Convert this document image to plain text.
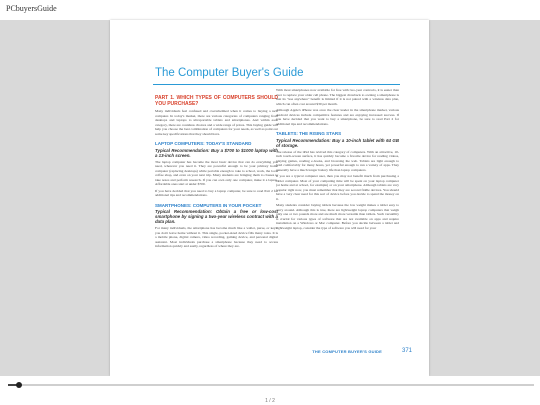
PCbuyersGuide
The Computer Buyer's Guide
PART 1. WHICH TYPES OF COMPUTERS SHOULD YOU PURCHASE?

Many individuals feel confused and overwhelmed when it comes to buying a new computer. In today's market, there are various categories of computers ranging from desktops and laptops to ultraportable tablets and smartphones. And within each category, there are countless choices and a wide range of prices. This buying guide will help you choose the best combination of computers for your needs, as well as point out some key specifications that they should have.

LAPTOP COMPUTERS: TODAY'S STANDARD
Typical Recommendation: Buy a $700 to $1000 laptop with a 13-inch screen.

The laptop computer has become the most basic device that can do everything you need, wherever you need it. They are powerful enough to be your primary home computer (replacing desktops) while portable enough to take to school, work, the local coffee shop, and even on your next trip. Many students are bringing them to classes to take notes and perform research. If you can own only one computer, make it a laptop. Affordable ones start at under $700.

If you have decided that you need to buy a laptop computer, be sure to read Part 2 for additional tips and recommendations.

SMARTPHONES: COMPUTERS IN YOUR POCKET
Typical Recommendation: Obtain a free or low-cost smartphone by signing a two-year wireless contract with a data plan.

For many individuals, the smartphone has become much like a wallet, purse, or keys: you don't leave home without it. This single, pocket-sized device fills many roles. It is a mobile phone, digital camera, video recording, gaming device, and personal digital assistant. Most individuals purchase a smartphone because they need to access information quickly and easily, regardless of where they are.

With most smartphones now available for free with two-year contracts, it is easier than ever to replace your older cell phone. The biggest drawback to owning a smartphone is that its "use anywhere" benefit is limited if it is not paired with a wireless data plan, which can often cost around $30 per month.

Although Apple's iPhone was once the clear leader in the smartphone market, various Android devices include competitive features and are enjoying increased success. If you have decided that you want to buy a smartphone, be sure to read Part 2 for additional tips and recommendations.

TABLETS: THE RISING STARS
Typical Recommendation: Buy a 10-inch tablet with 64 GB of storage.

The release of the iPad has revived this category of computers. With an attractive, 10-inch touch-screen surface, it has quickly become a favorite device for reading videos, playing games, reading e-books, and browsing the web. Tablets are light enough to hold comfortably for many hours, yet powerful enough to run a variety of apps. They generally have a much longer battery life than laptop computers.

If you are a typical computer user, then you may not benefit much from purchasing a tablet computer. Most of your computing time will be spent on your laptop computer (at home and at school, for example) or on your smartphone. Although tablets are very popular right now, you must remember that they are second fiddle devices. You should have a very clear need for this sort of device before you decide to spend the money on it.

Many students consider buying tablets because the low weight makes a tablet easy to carry around. Although this is true, there are lightweight laptop computers that weigh only one or two pounds more and are much more versatile than tablets. Such versatility is crucial for various types of software that are not available on apps and require installation on a Windows or Mac computer. Before you decide between a tablet and lightweight laptop, consider the type of software you will need for your

THE COMPUTER BUYER'S GUIDE	371
1 / 2
